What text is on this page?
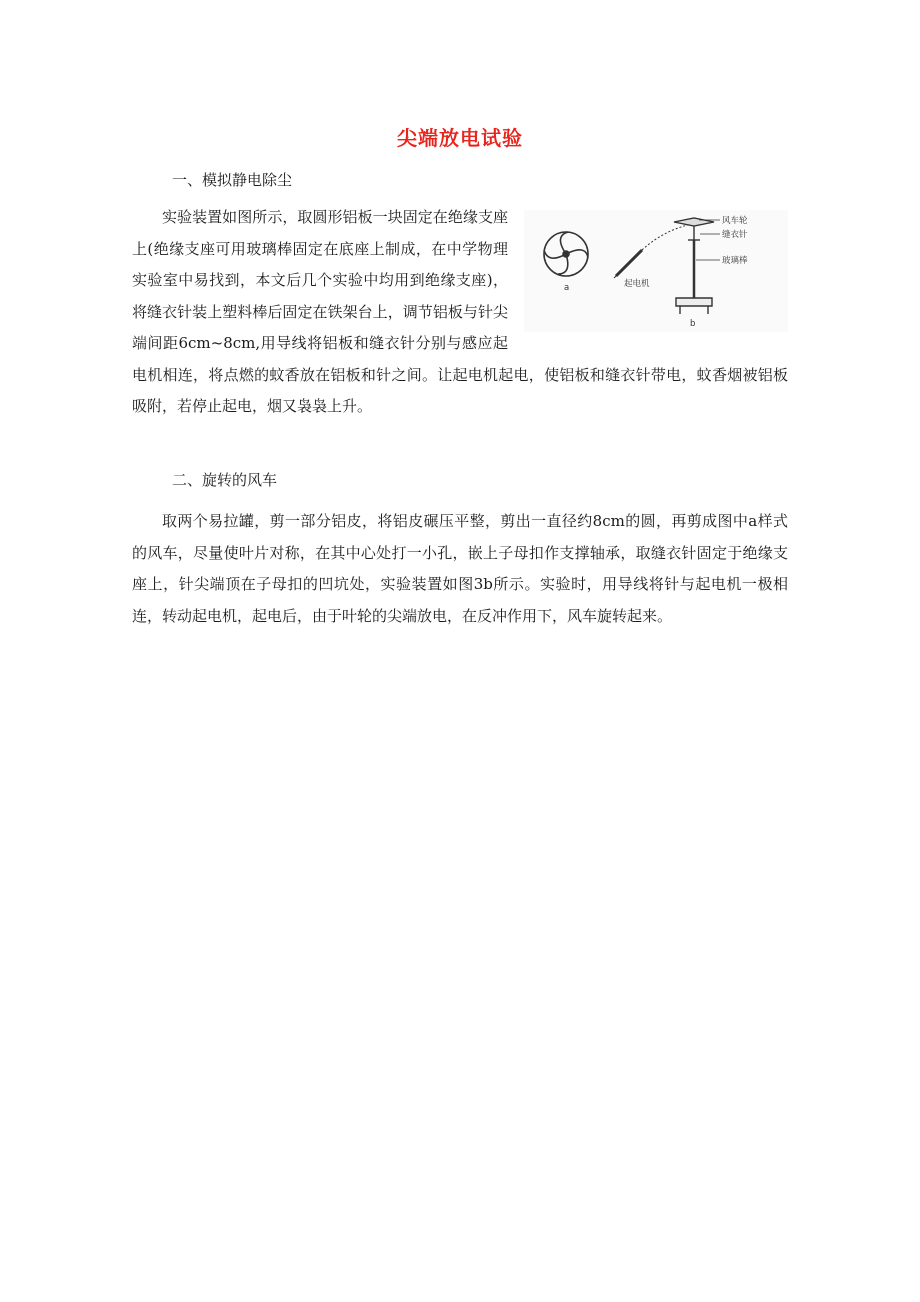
尖端放电试验
一、模拟静电除尘
a	起电机
风车轮
缝衣针
玻璃棒
b
实验装置如图所示，取圆形铝板一块固定在绝缘支座上(绝缘支座可用玻璃棒固定在底座上制成，在中学物理实验室中易找到，本文后几个实验中均用到绝缘支座)，将缝衣针装上塑料棒后固定在铁架台上，调节铝板与针尖端间距6cm~8cm,用导线将铝板和缝衣针分别与感应起电机相连，将点燃的蚊香放在铝板和针之间。让起电机起电，使铝板和缝衣针带电，蚊香烟被铝板吸附，若停止起电，烟又袅袅上升。
二、旋转的风车

取两个易拉罐，剪一部分铝皮，将铝皮碾压平整，剪出一直径约8cm的圆，再剪成图中a样式的风车，尽量使叶片对称，在其中心处打一小孔，嵌上子母扣作支撑轴承，取缝衣针固定于绝缘支座上，针尖端顶在子母扣的凹坑处，实验装置如图3b所示。实验时，用导线将针与起电机一极相连，转动起电机，起电后，由于叶轮的尖端放电，在反冲作用下，风车旋转起来。
